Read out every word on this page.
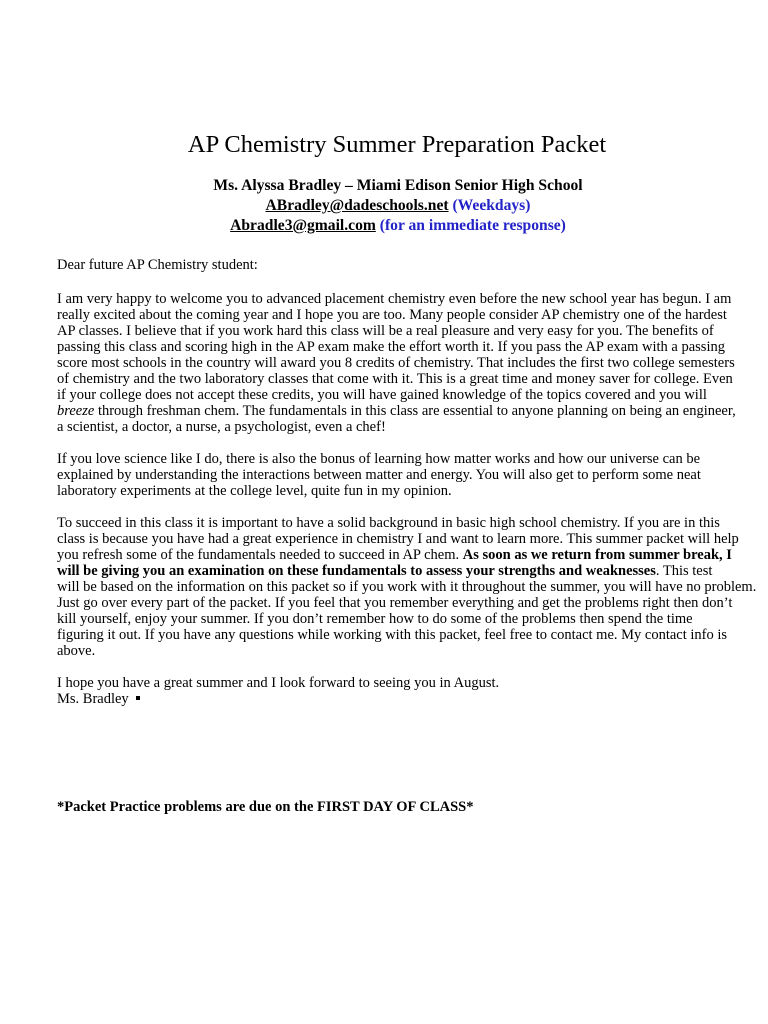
AP Chemistry Summer Preparation Packet
Ms. Alyssa Bradley – Miami Edison Senior High School
ABradley@dadeschools.net (Weekdays)
Abradle3@gmail.com (for an immediate response)

Dear future AP Chemistry student:

I am very happy to welcome you to advanced placement chemistry even before the new school year has begun. I am
really excited about the coming year and I hope you are too. Many people consider AP chemistry one of the hardest
AP classes. I believe that if you work hard this class will be a real pleasure and very easy for you. The benefits of
passing this class and scoring high in the AP exam make the effort worth it. If you pass the AP exam with a passing
score most schools in the country will award you 8 credits of chemistry. That includes the first two college semesters
of chemistry and the two laboratory classes that come with it. This is a great time and money saver for college. Even
if your college does not accept these credits, you will have gained knowledge of the topics covered and you will
breeze through freshman chem. The fundamentals in this class are essential to anyone planning on being an engineer,
a scientist, a doctor, a nurse, a psychologist, even a chef!

If you love science like I do, there is also the bonus of learning how matter works and how our universe can be
explained by understanding the interactions between matter and energy. You will also get to perform some neat
laboratory experiments at the college level, quite fun in my opinion.

To succeed in this class it is important to have a solid background in basic high school chemistry. If you are in this
class is because you have had a great experience in chemistry I and want to learn more. This summer packet will help
you refresh some of the fundamentals needed to succeed in AP chem. As soon as we return from summer break, I
will be giving you an examination on these fundamentals to assess your strengths and weaknesses. This test
will be based on the information on this packet so if you work with it throughout the summer, you will have no problem.
Just go over every part of the packet. If you feel that you remember everything and get the problems right then don’t
kill yourself, enjoy your summer. If you don’t remember how to do some of the problems then spend the time
figuring it out. If you have any questions while working with this packet, feel free to contact me. My contact info is
above.

I hope you have a great summer and I look forward to seeing you in August.
Ms. Bradley

*Packet Practice problems are due on the FIRST DAY OF CLASS*
